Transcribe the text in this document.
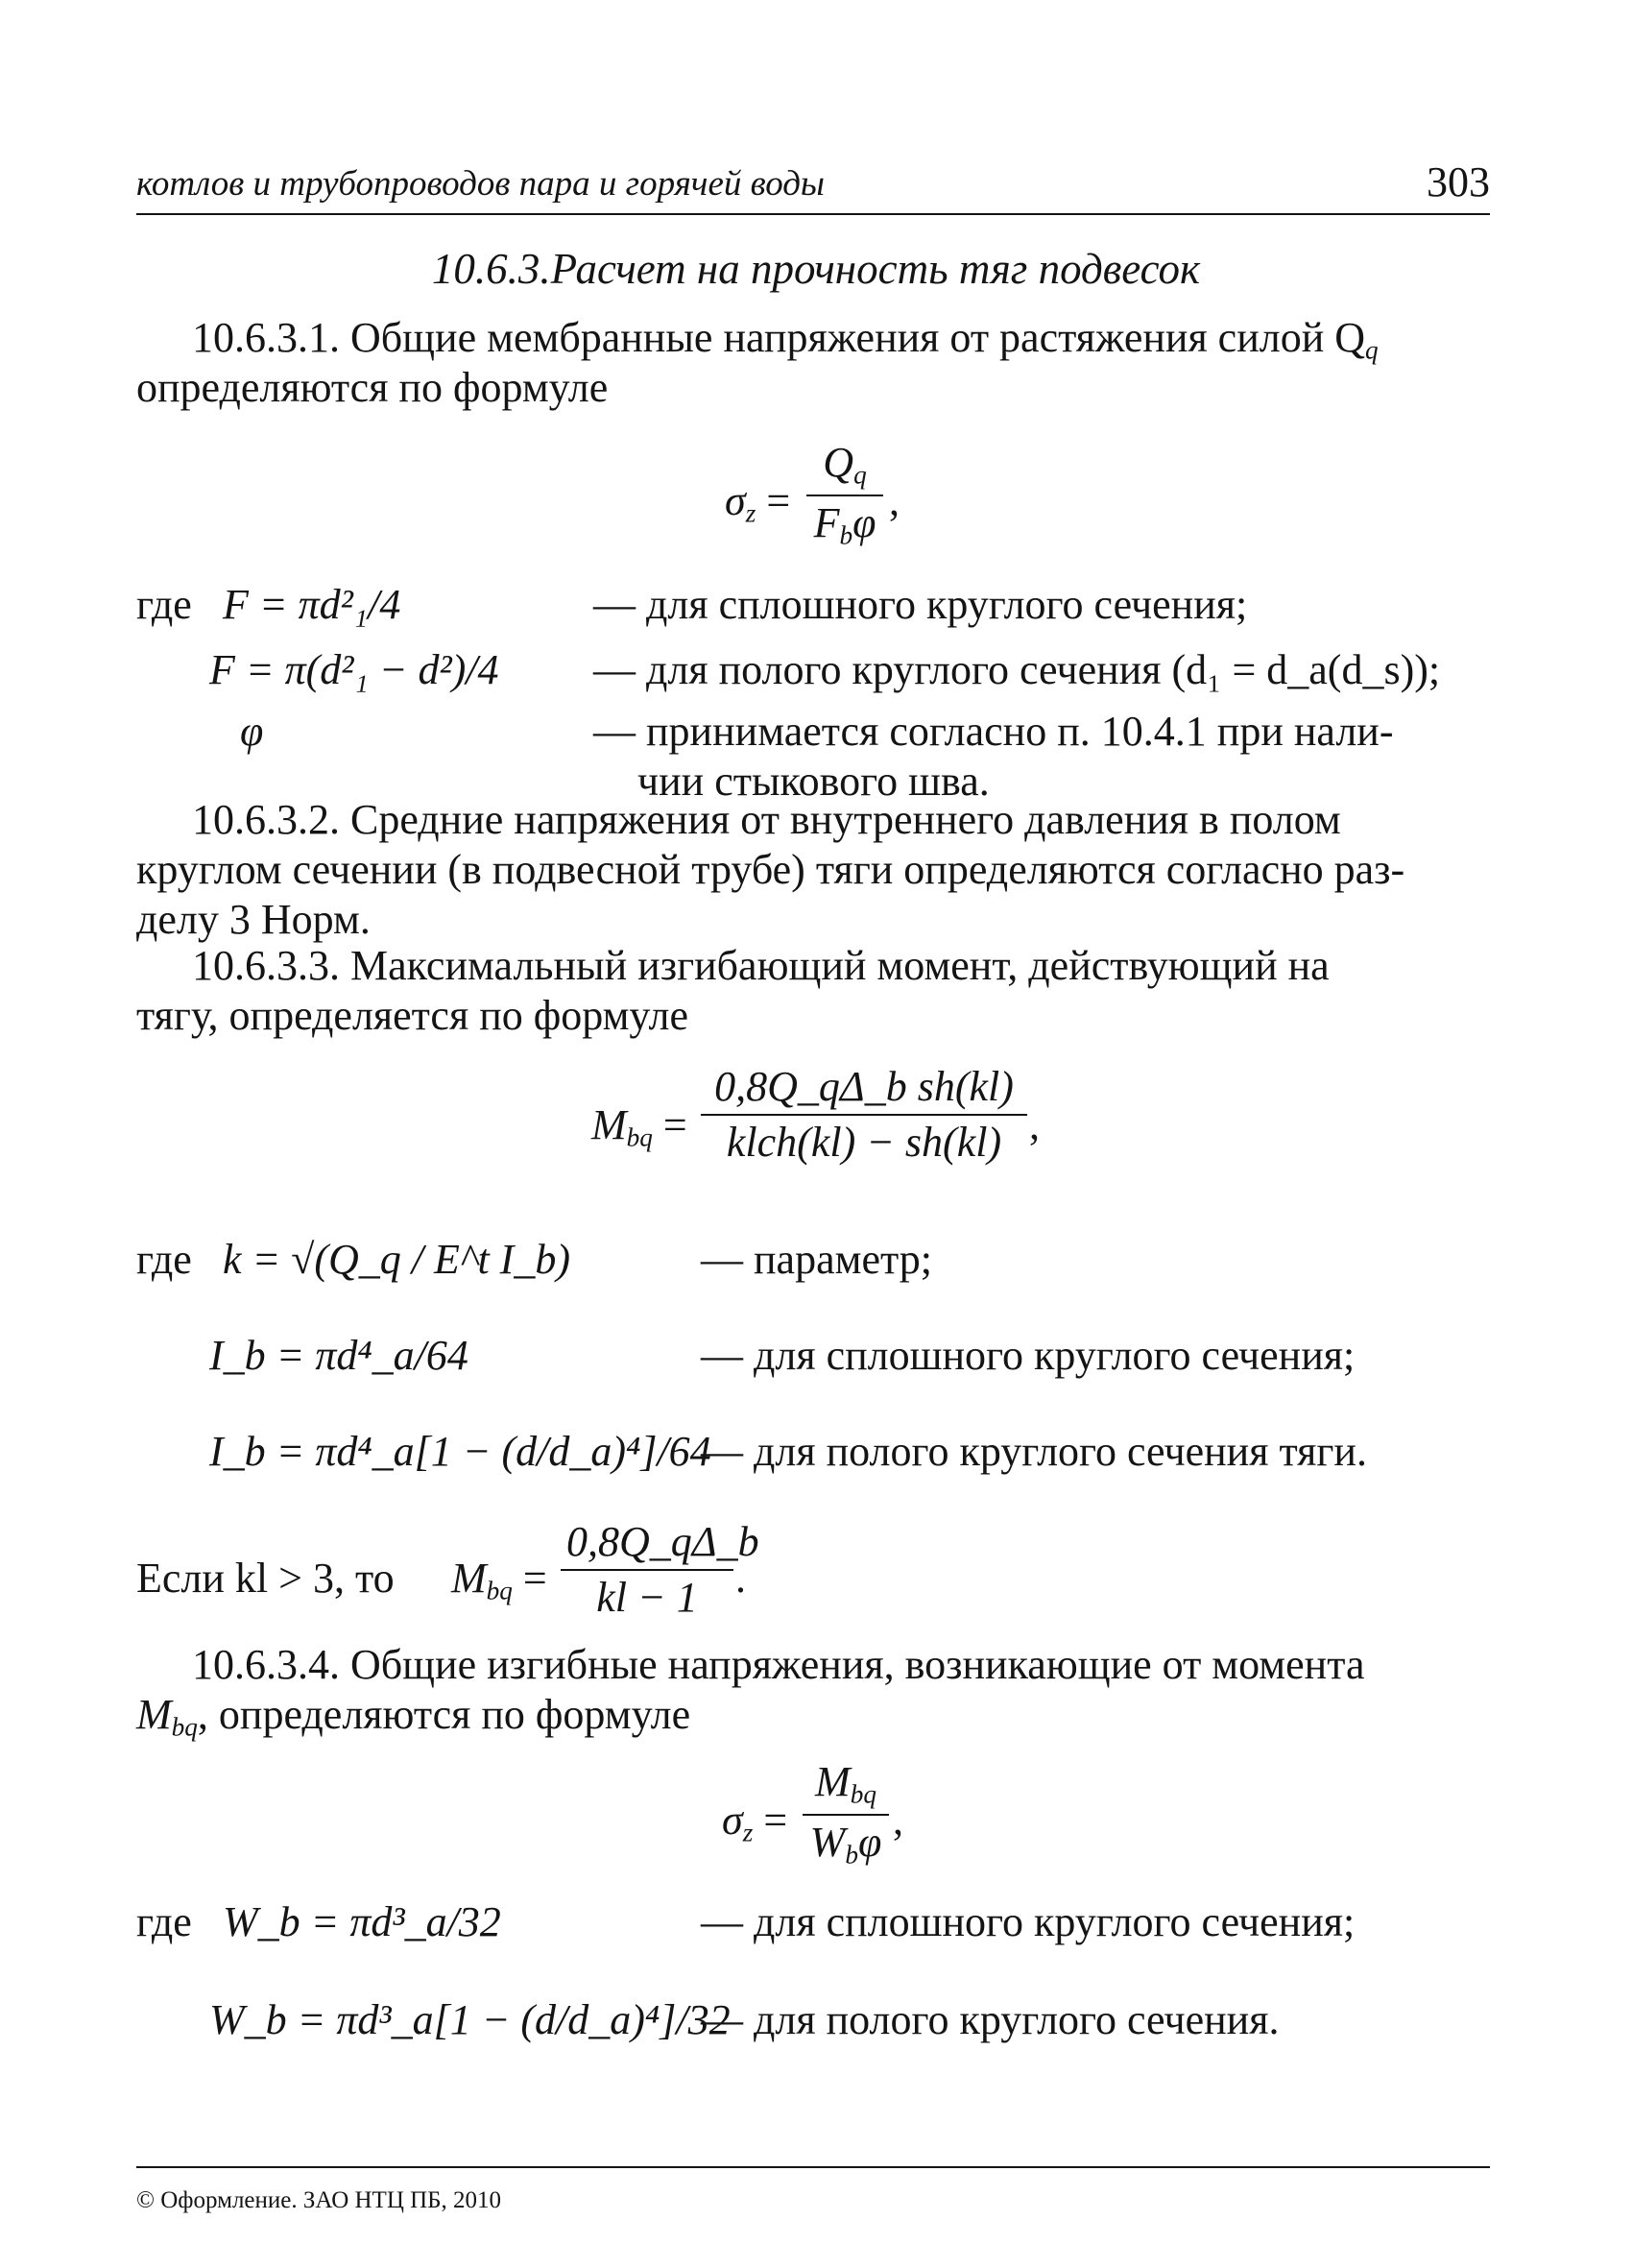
котлов и трубопроводов пара и горячей воды	303
10.6.3.Расчет на прочность тяг подвесок
10.6.3.1. Общие мембранные напряжения от растяжения силой $Q_q$
определяются по формуле
$\sigma_z$ =
$Q_q$
$F_b\varphi$ ,
где F = πd²₁/4	— для сплошного круглого сечения;
F = π(d²₁ − d²)/4 — для полого круглого сечения (d₁ = d_a(d_s));
φ	— принимается согласно п. 10.4.1 при нали-
чии стыкового шва.
10.6.3.2. Средние напряжения от внутреннего давления в полом
круглом сечении (в подвесной трубе) тяги определяются согласно раз-
делу 3 Норм.
10.6.3.3. Максимальный изгибающий момент, действующий на
тягу, определяется по формуле
$M_{bq}$ =
0,8Q_qΔ_b sh(kl)
klch(kl) − sh(kl) ,
где k = √(Q_q / E^t I_b)	— параметр;
I_b = πd⁴_a/64	— для сплошного круглого сечения;
I_b = πd⁴_a[1 − (d/d_a)⁴]/64
— для полого круглого сечения тяги.
Если kl > 3, то $M_{bq} = \frac{0,8Q\_q\Delta\_b}{kl - 1}$ .
10.6.3.4. Общие изгибные напряжения, возникающие от момента
$M_{bq}$, определяются по формуле
$\sigma_z$ =
$M_{bq}$
$W_b\varphi$ ,
где W_b = πd³_a/32	— для сплошного круглого сечения;
W_b = πd³_a[1 − (d/d_a)⁴]/32
— для полого круглого сечения.
© Оформление. ЗАО НТЦ ПБ, 2010
